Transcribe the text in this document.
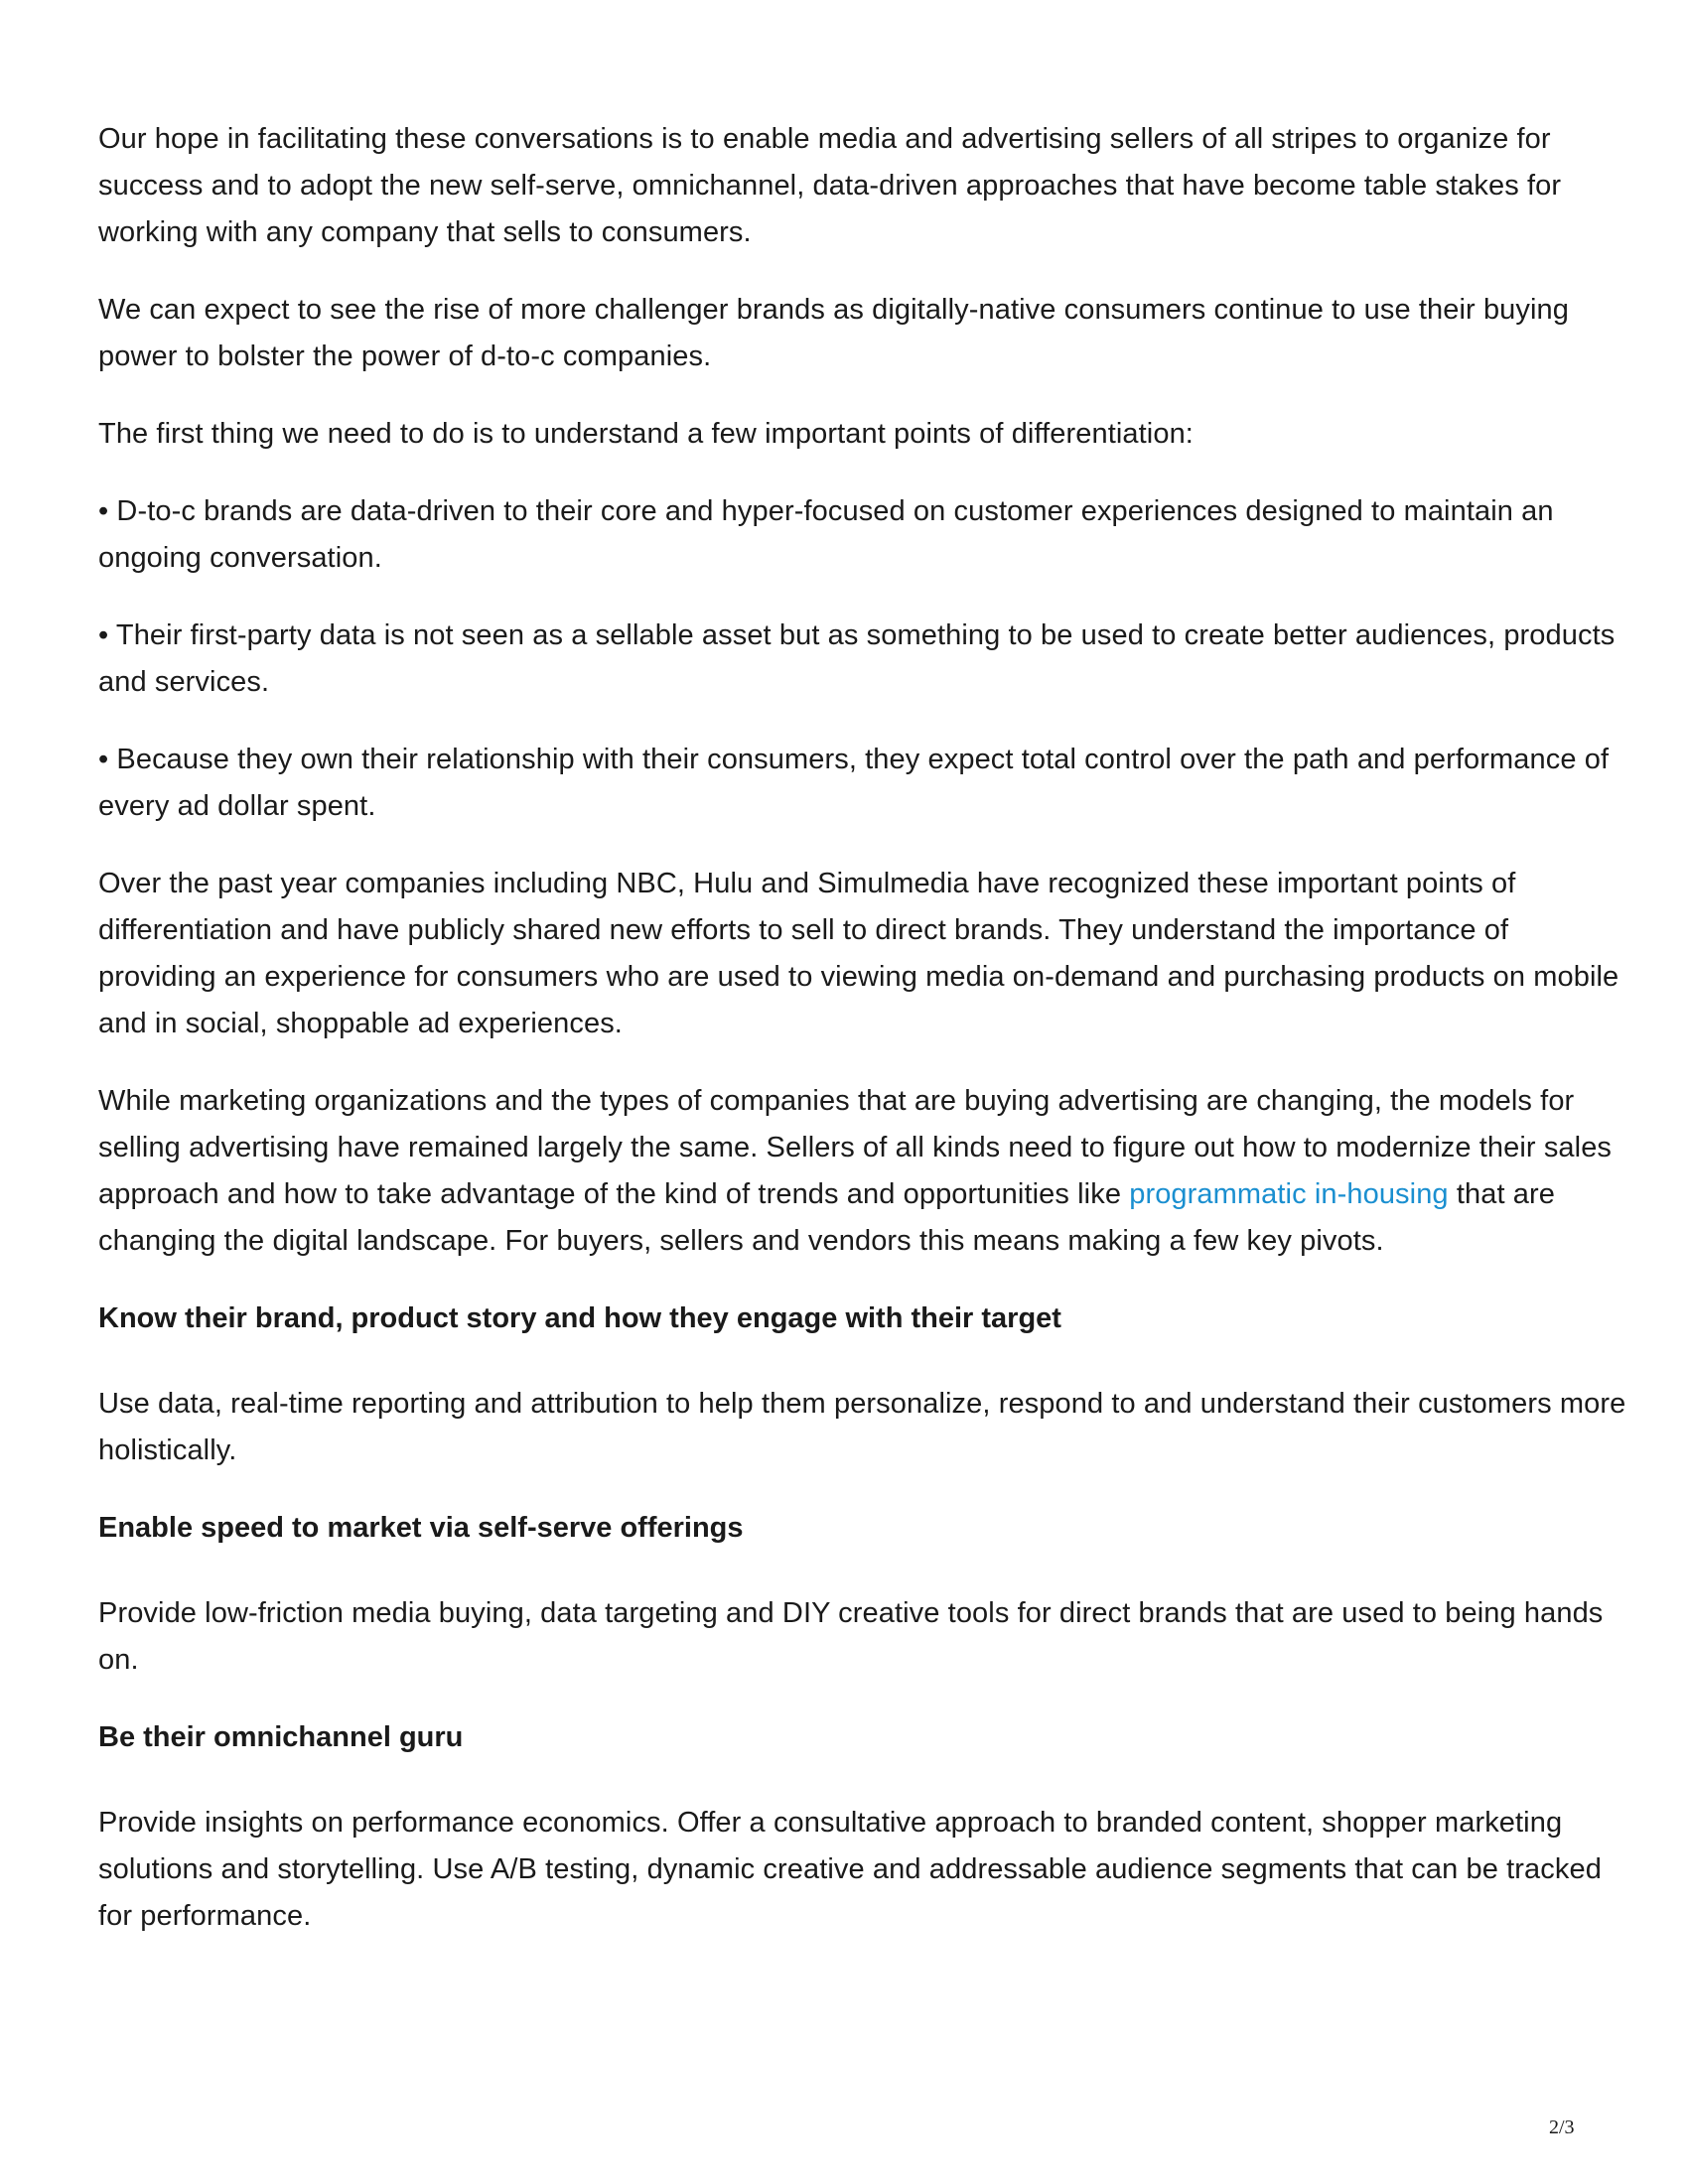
Our hope in facilitating these conversations is to enable media and advertising sellers of all stripes to organize for success and to adopt the new self-serve, omnichannel, data-driven approaches that have become table stakes for working with any company that sells to consumers.

We can expect to see the rise of more challenger brands as digitally-native consumers continue to use their buying power to bolster the power of d-to-c companies.

The first thing we need to do is to understand a few important points of differentiation:

• D-to-c brands are data-driven to their core and hyper-focused on customer experiences designed to maintain an ongoing conversation.

• Their first-party data is not seen as a sellable asset but as something to be used to create better audiences, products and services.

• Because they own their relationship with their consumers, they expect total control over the path and performance of every ad dollar spent.

Over the past year companies including NBC, Hulu and Simulmedia have recognized these important points of differentiation and have publicly shared new efforts to sell to direct brands. They understand the importance of providing an experience for consumers who are used to viewing media on-demand and purchasing products on mobile and in social, shoppable ad experiences.

While marketing organizations and the types of companies that are buying advertising are changing, the models for selling advertising have remained largely the same. Sellers of all kinds need to figure out how to modernize their sales approach and how to take advantage of the kind of trends and opportunities like programmatic in-housing that are changing the digital landscape. For buyers, sellers and vendors this means making a few key pivots.

Know their brand, product story and how they engage with their target

Use data, real-time reporting and attribution to help them personalize, respond to and understand their customers more holistically.

Enable speed to market via self-serve offerings

Provide low-friction media buying, data targeting and DIY creative tools for direct brands that are used to being hands on.

Be their omnichannel guru

Provide insights on performance economics. Offer a consultative approach to branded content, shopper marketing solutions and storytelling. Use A/B testing, dynamic creative and addressable audience segments that can be tracked for performance.

2/3
